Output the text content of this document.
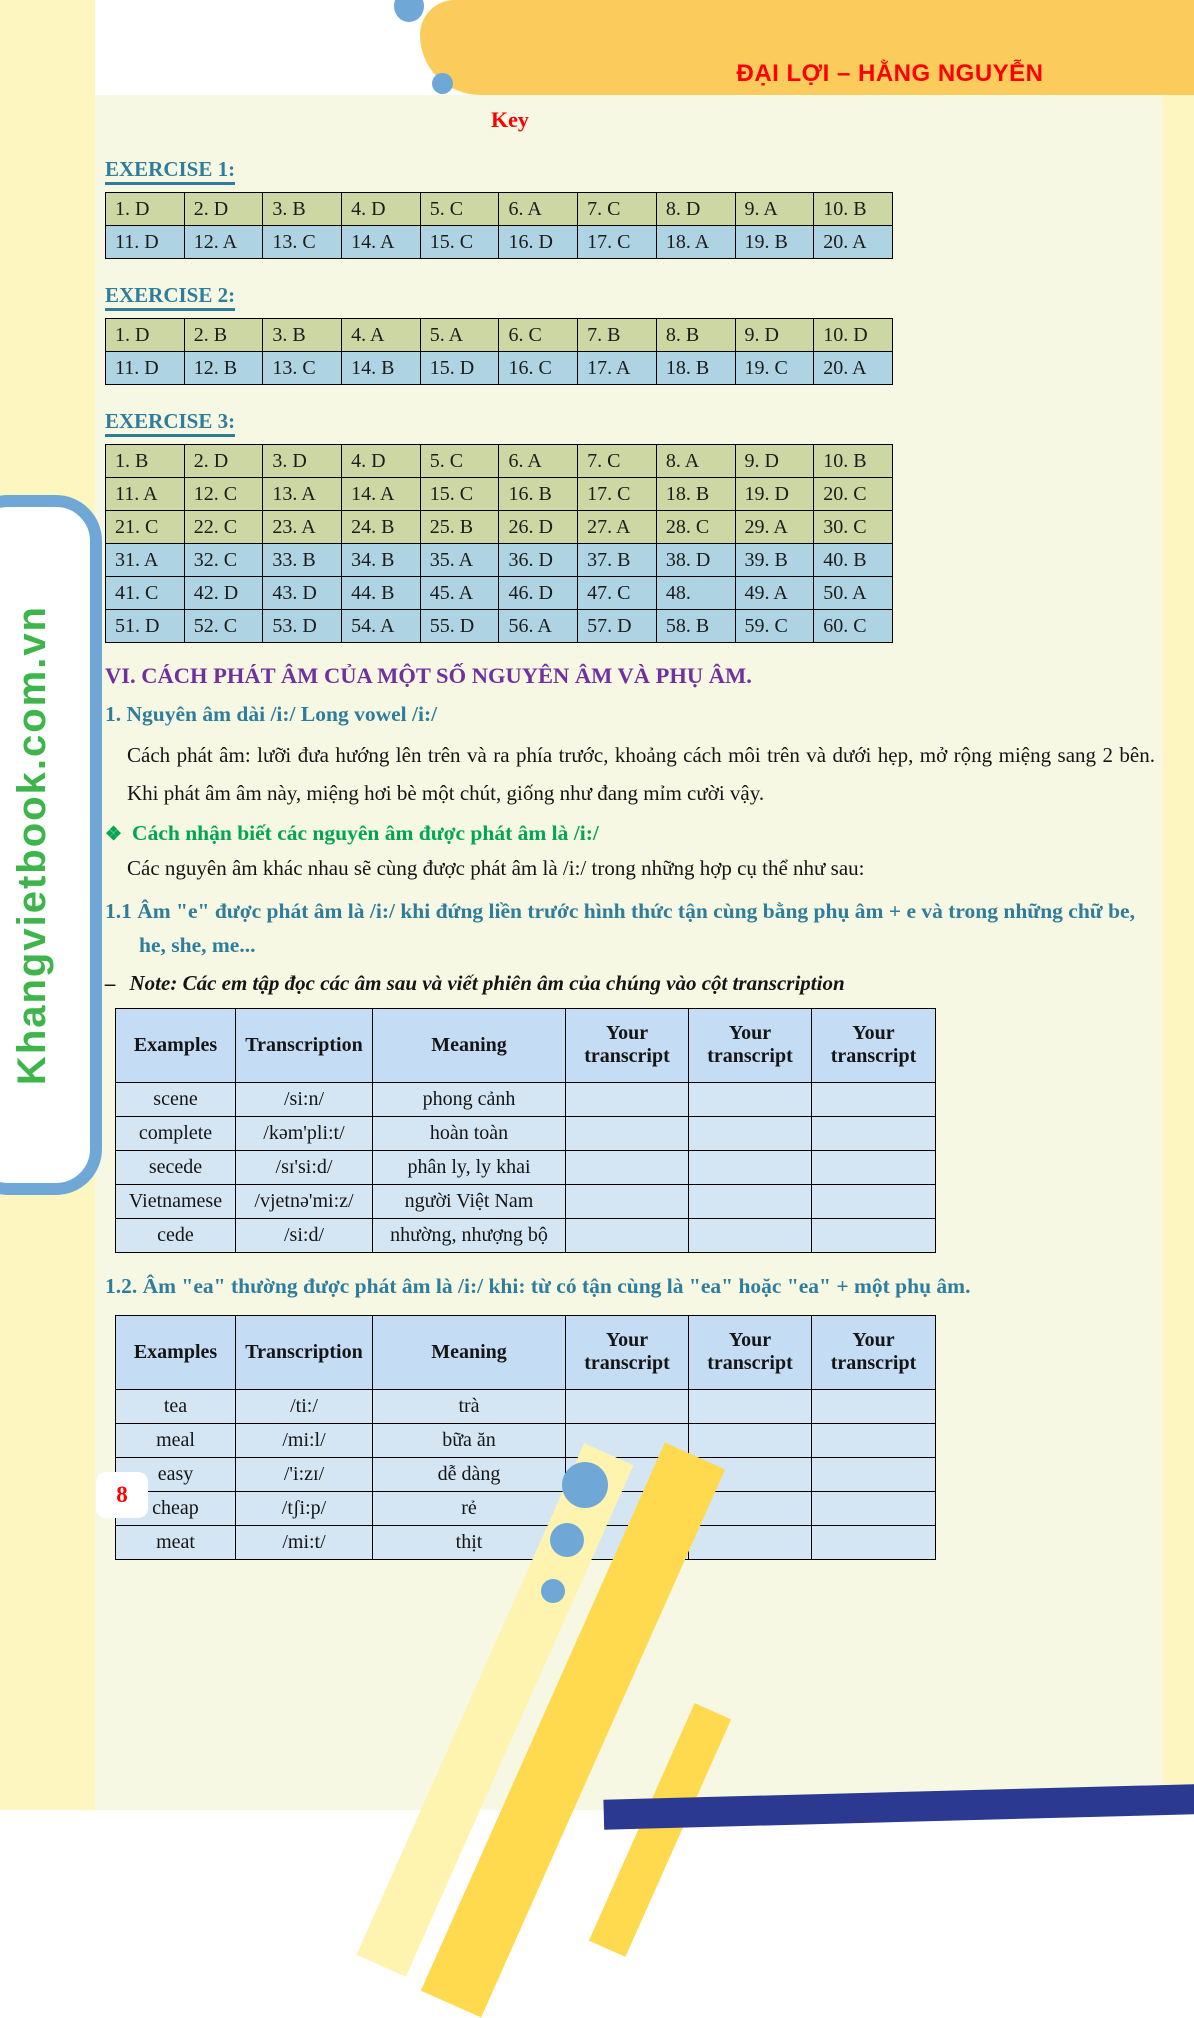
ĐẠI LỢI – HẰNG NGUYỄN
Key
EXERCISE 1:
1. D	2. D	3. B	4. D	5. C	6. A	7. C	8. D	9. A	10. B
11. D	12. A	13. C	14. A	15. C	16. D	17. C	18. A	19. B	20. A
EXERCISE 2:
1. D	2. B	3. B	4. A	5. A	6. C	7. B	8. B	9. D	10. D
11. D	12. B	13. C	14. B	15. D	16. C	17. A	18. B	19. C	20. A
EXERCISE 3:
1. B	2. D	3. D	4. D	5. C	6. A	7. C	8. A	9. D	10. B
11. A	12. C	13. A	14. A	15. C	16. B	17. C	18. B	19. D	20. C
21. C	22. C	23. A	24. B	25. B	26. D	27. A	28. C	29. A	30. C
31. A	32. C	33. B	34. B	35. A	36. D	37. B	38. D	39. B	40. B
41. C	42. D	43. D	44. B	45. A	46. D	47. C	48.	49. A	50. A
51. D	52. C	53. D	54. A	55. D	56. A	57. D	58. B	59. C	60. C
VI. CÁCH PHÁT ÂM CỦA MỘT SỐ NGUYÊN ÂM VÀ PHỤ ÂM.
1. Nguyên âm dài /i:/ Long vowel /i:/

Cách phát âm: lưỡi đưa hướng lên trên và ra phía trước, khoảng cách môi trên và dưới hẹp, mở rộng miệng sang 2 bên. Khi phát âm âm này, miệng hơi bè một chút, giống như đang mỉm cười vậy.

❖ Cách nhận biết các nguyên âm được phát âm là /i:/

Các nguyên âm khác nhau sẽ cùng được phát âm là /i:/ trong những hợp cụ thể như sau:

1.1 Âm "e" được phát âm là /i:/ khi đứng liền trước hình thức tận cùng bằng phụ âm + e và trong những chữ be, he, she, me...
– Note: Các em tập đọc các âm sau và viết phiên âm của chúng vào cột transcription
Examples	Transcription	Meaning	Your transcript	Your transcript	Your transcript
scene	/si:n/	phong cảnh			
complete	/kəm'pli:t/	hoàn toàn			
secede	/sɪ'si:d/	phân ly, ly khai			
Vietnamese	/vjetnə'mi:z/	người Việt Nam			
cede	/si:d/	nhường, nhượng bộ			
1.2. Âm "ea" thường được phát âm là /i:/ khi: từ có tận cùng là "ea" hoặc "ea" + một phụ âm.
Examples	Transcription	Meaning	Your transcript	Your transcript	Your transcript
tea	/ti:/	trà			
meal	/mi:l/	bữa ăn			
easy	/'i:zɪ/	dễ dàng			
cheap	/tʃi:p/	rẻ			
meat	/mi:t/	thịt			
Khangvietbook.com.vn
8
